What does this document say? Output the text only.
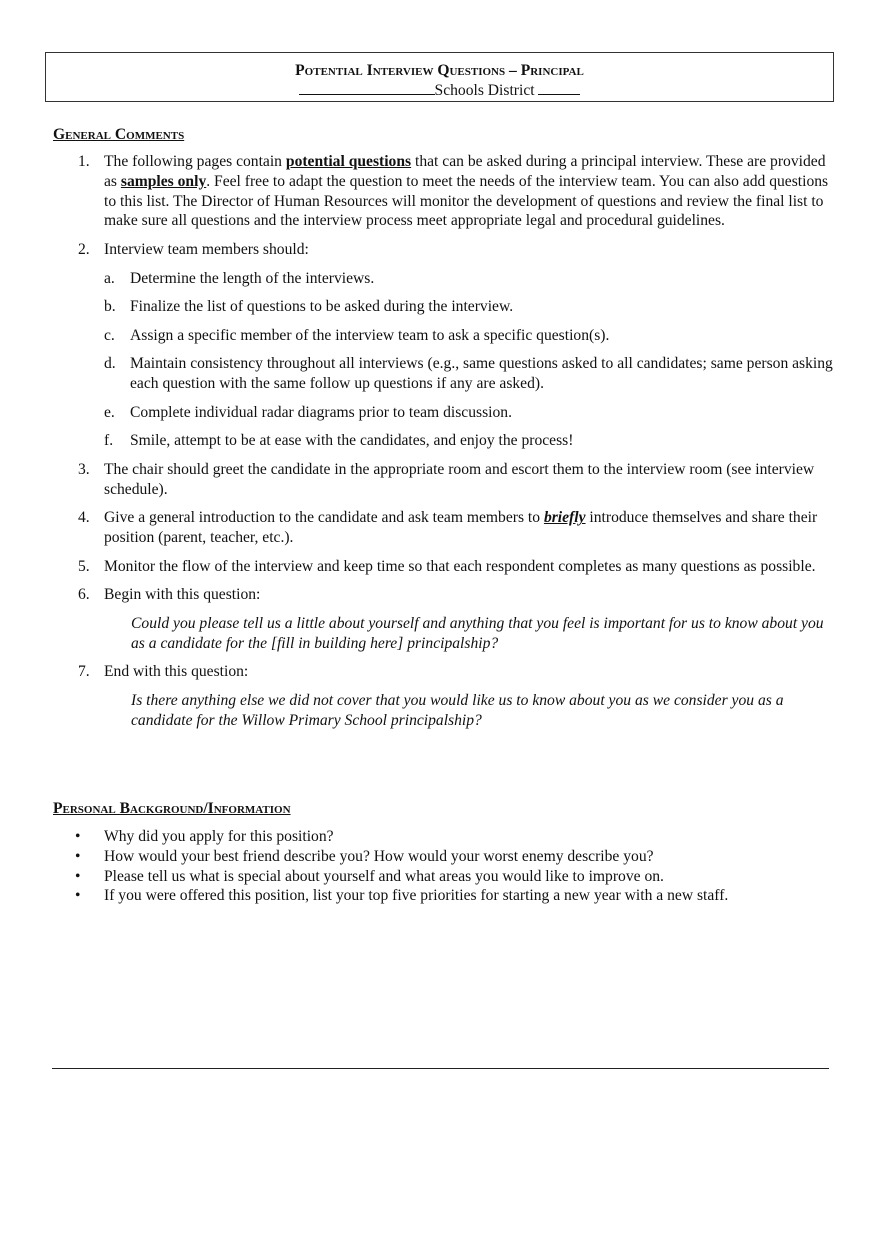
Potential Interview Questions – Principal
Schools District
General Comments
1. The following pages contain potential questions that can be asked during a principal interview. These are provided as samples only. Feel free to adapt the question to meet the needs of the interview team. You can also add questions to this list. The Director of Human Resources will monitor the development of questions and review the final list to make sure all questions and the interview process meet appropriate legal and procedural guidelines.
2. Interview team members should:
a. Determine the length of the interviews.
b. Finalize the list of questions to be asked during the interview.
c. Assign a specific member of the interview team to ask a specific question(s).
d. Maintain consistency throughout all interviews (e.g., same questions asked to all candidates; same person asking each question with the same follow up questions if any are asked).
e. Complete individual radar diagrams prior to team discussion.
f. Smile, attempt to be at ease with the candidates, and enjoy the process!
3. The chair should greet the candidate in the appropriate room and escort them to the interview room (see interview schedule).
4. Give a general introduction to the candidate and ask team members to briefly introduce themselves and share their position (parent, teacher, etc.).
5. Monitor the flow of the interview and keep time so that each respondent completes as many questions as possible.
6. Begin with this question:
Could you please tell us a little about yourself and anything that you feel is important for us to know about you as a candidate for the [fill in building here] principalship?
7. End with this question:
Is there anything else we did not cover that you would like us to know about you as we consider you as a candidate for the Willow Primary School principalship?
Personal Background/Information
• Why did you apply for this position?
• How would your best friend describe you? How would your worst enemy describe you?
• Please tell us what is special about yourself and what areas you would like to improve on.
• If you were offered this position, list your top five priorities for starting a new year with a new staff.
